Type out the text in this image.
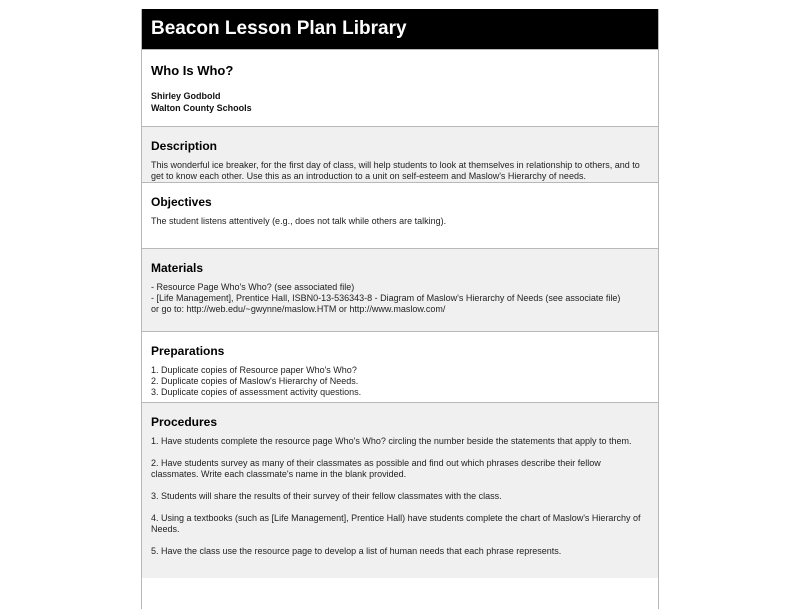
Beacon Lesson Plan Library
Who Is Who?
Shirley Godbold
Walton County Schools
Description
This wonderful ice breaker, for the first day of class, will help students to look at themselves in relationship to others, and to get to know each other. Use this as an introduction to a unit on self-esteem and Maslow's Hierarchy of needs.
Objectives
The student listens attentively (e.g., does not talk while others are talking).
Materials
- Resource Page Who's Who? (see associated file)
- [Life Management], Prentice Hall, ISBN0-13-536343-8 - Diagram of Maslow's Hierarchy of Needs (see associate file)
or go to: http://web.edu/~gwynne/maslow.HTM or http://www.maslow.com/
Preparations
1. Duplicate copies of Resource paper Who's Who?
2. Duplicate copies of Maslow's Hierarchy of Needs.
3. Duplicate copies of assessment activity questions.
Procedures
1. Have students complete the resource page Who's Who? circling the number beside the statements that apply to them.
2. Have students survey as many of their classmates as possible and find out which phrases describe their fellow classmates. Write each classmate's name in the blank provided.
3. Students will share the results of their survey of their fellow classmates with the class.
4. Using a textbooks (such as [Life Management], Prentice Hall) have students complete the chart of Maslow's Hierarchy of Needs.
5. Have the class use the resource page to develop a list of human needs that each phrase represents.
